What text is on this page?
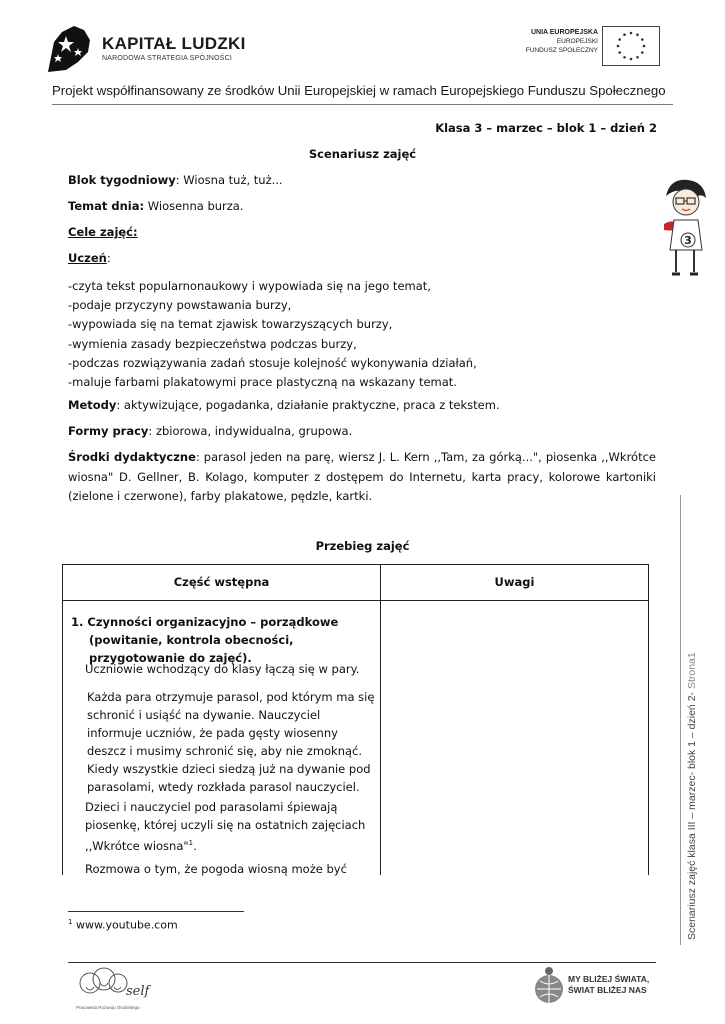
KAPITAŁ LUDZKI
NARODOWA STRATEGIA SPÓJNOŚCI
UNIA EUROPEJSKA
EUROPEJSKI
FUNDUSZ SPOŁECZNY
Projekt współfinansowany ze środków Unii Europejskiej w ramach Europejskiego Funduszu Społecznego
Klasa 3 – marzec – blok 1 – dzień 2
Scenariusz zajęć
Blok tygodniowy: Wiosna tuż, tuż...
Temat dnia: Wiosenna burza.
Cele zajęć:
Uczeń:
-czyta tekst popularnonaukowy i wypowiada się na jego temat,
-podaje przyczyny powstawania burzy,
-wypowiada się na temat zjawisk towarzyszących burzy,
-wymienia zasady bezpieczeństwa podczas burzy,
-podczas rozwiązywania zadań stosuje kolejność wykonywania działań,
-maluje farbami plakatowymi prace plastyczną na wskazany temat.
Metody: aktywizujące, pogadanka, działanie praktyczne, praca z tekstem.
Formy pracy: zbiorowa, indywidualna, grupowa.
Środki dydaktyczne: parasol jeden na parę, wiersz J. L. Kern ,,Tam, za górką...", piosenka ,,Wkrótce wiosna" D. Gellner, B. Kolago, komputer z dostępem do Internetu, karta pracy, kolorowe kartoniki (zielone i czerwone), farby plakatowe, pędzle, kartki.
Przebieg zajęć
Część wstępna	Uwagi
1. Czynności organizacyjno – porządkowe (powitanie, kontrola obecności, przygotowanie do zajęć).
Uczniowie wchodzący do klasy łączą się w pary.
Każda para otrzymuje parasol, pod którym ma się schronić i usiąść na dywanie. Nauczyciel informuje uczniów, że pada gęsty wiosenny deszcz i musimy schronić się, aby nie zmoknąć. Kiedy wszystkie dzieci siedzą już na dywanie pod parasolami, wtedy rozkłada parasol nauczyciel.
Dzieci i nauczyciel pod parasolami śpiewają piosenkę, której uczyli się na ostatnich zajęciach ,,Wkrótce wiosna"$^1$.
Rozmowa o tym, że pogoda wiosną może być
$^1$ www.youtube.com
self
Pracownia Rozwoju Osobistego
MY BLIŻEJ ŚWIATA,
ŚWIAT BLIŻEJ NAS
Scenariusz zajęć klasa III – marzec- blok 1 – dzień 2- Strona1
3
